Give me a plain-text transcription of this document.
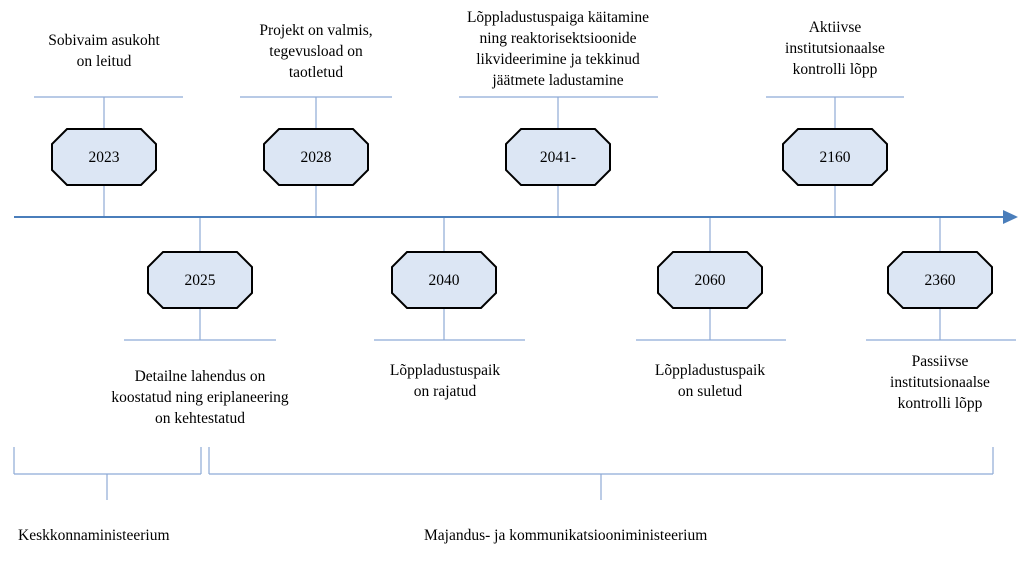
2023
2025
2028
2040
2041-
2060
2160
2360
Sobivaim asukoht
on leitud
Detailne lahendus on
koostatud ning eriplaneering
on kehtestatud
Projekt on valmis,
tegevusload on
taotletud
Lõppladustuspaik
on rajatud
Lõppladustuspaiga käitamine
ning reaktorisektsioonide
likvideerimine ja tekkinud
jäätmete ladustamine
Lõppladustuspaik
on suletud
Aktiivse
institutsionaalse
kontrolli lõpp
Passiivse
institutsionaalse
kontrolli lõpp
Keskkonnaministeerium	Majandus- ja kommunikatsiooniministeerium
